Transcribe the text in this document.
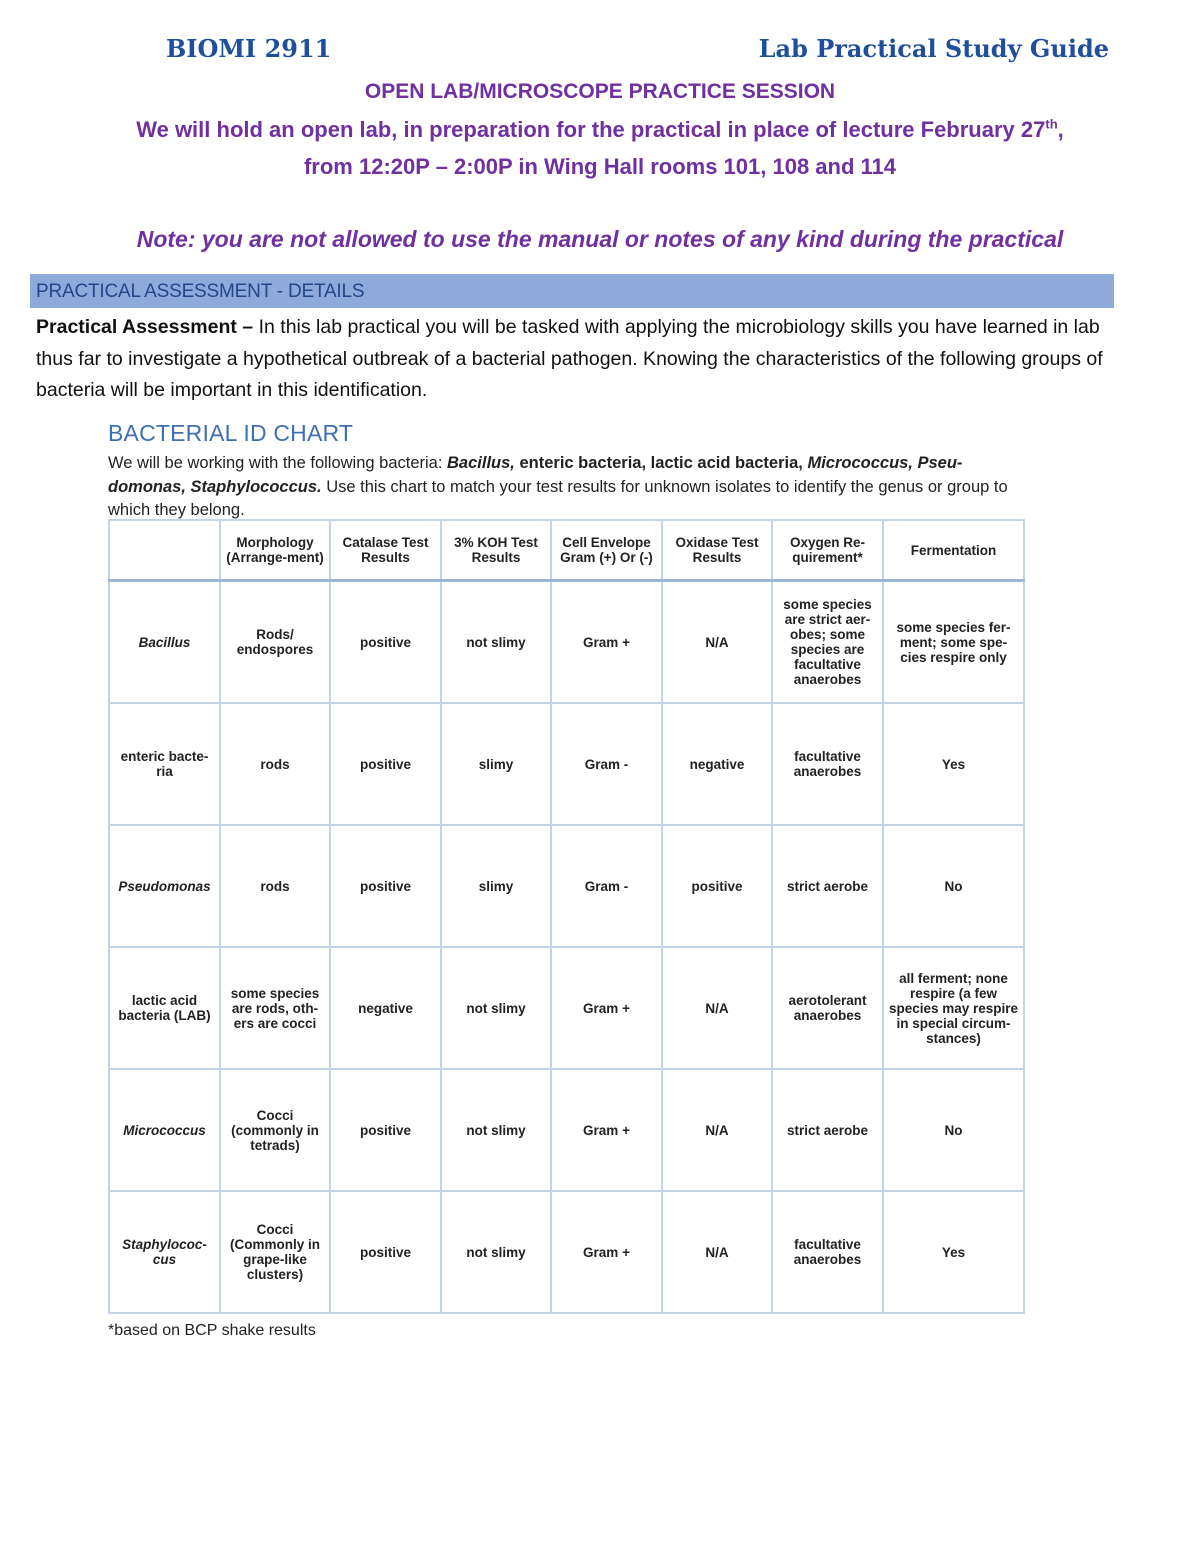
BIOMI 2911	Lab Practical Study Guide
OPEN LAB/MICROSCOPE PRACTICE SESSION
We will hold an open lab, in preparation for the practical in place of lecture February 27th,
from 12:20P – 2:00P in Wing Hall rooms 101, 108 and 114
Note: you are not allowed to use the manual or notes of any kind during the practical
PRACTICAL ASSESSMENT - DETAILS
Practical Assessment – In this lab practical you will be tasked with applying the microbiology skills you have learned in lab thus far to investigate a hypothetical outbreak of a bacterial pathogen. Knowing the characteristics of the following groups of bacteria will be important in this identification.
BACTERIAL ID CHART
We will be working with the following bacteria: Bacillus, enteric bacteria, lactic acid bacteria, Micrococcus, Pseu-domonas, Staphylococcus. Use this chart to match your test results for unknown isolates to identify the genus or group to which they belong.
	Morphology (Arrange-ment)	Catalase Test Results	3% KOH Test Results	Cell Envelope Gram (+) Or (-)	Oxidase Test Results	Oxygen Re-quirement*	Fermentation
Bacillus	Rods/ endospores	positive	not slimy	Gram +	N/A	some species are strict aer-obes; some species are facultative anaerobes	some species fer-ment; some spe-cies respire only
enteric bacte-ria	rods	positive	slimy	Gram -	negative	facultative anaerobes	Yes
Pseudomonas	rods	positive	slimy	Gram -	positive	strict aerobe	No
lactic acid bacteria (LAB)	some species are rods, oth-ers are cocci	negative	not slimy	Gram +	N/A	aerotolerant anaerobes	all ferment; none respire (a few species may respire in special circum-stances)
Micrococcus	Cocci (commonly in tetrads)	positive	not slimy	Gram +	N/A	strict aerobe	No
Staphylococ-cus	Cocci (Commonly in grape-like clusters)	positive	not slimy	Gram +	N/A	facultative anaerobes	Yes
*based on BCP shake results
